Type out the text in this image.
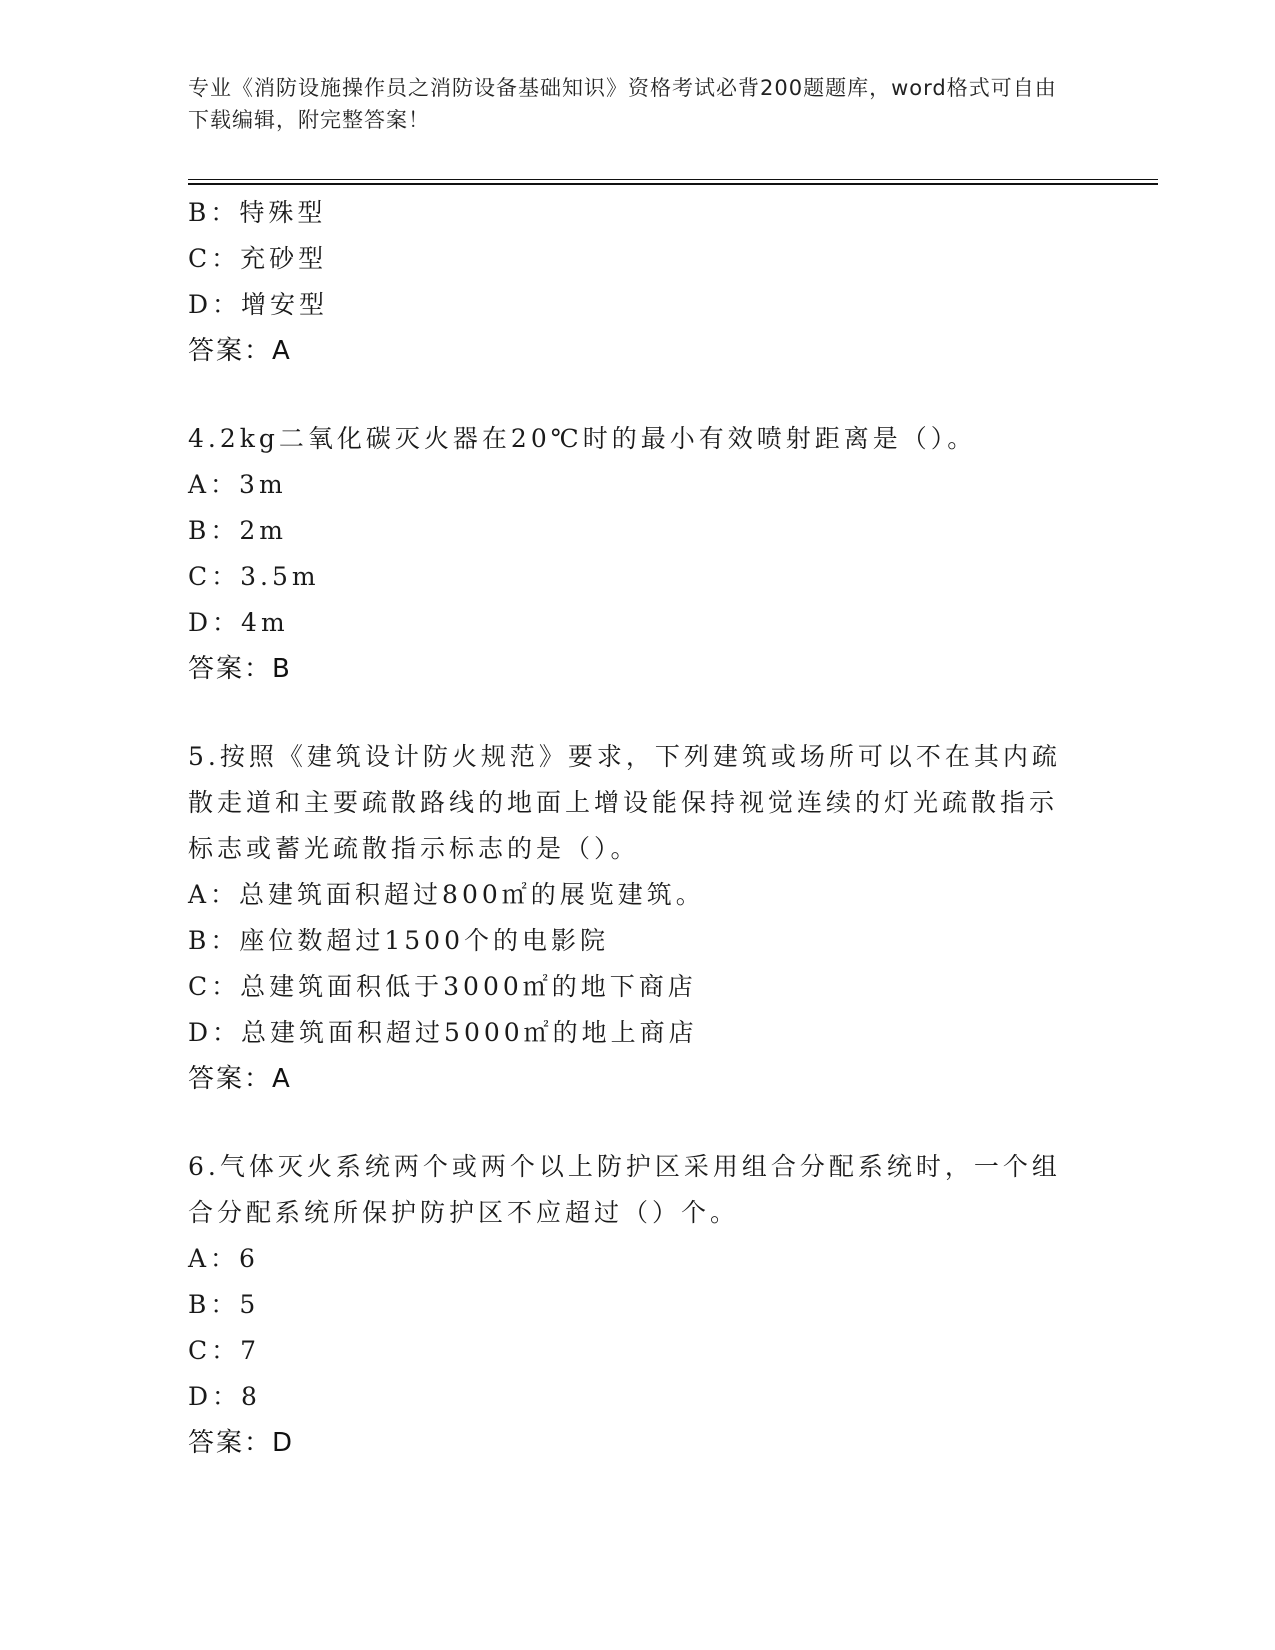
专业《消防设施操作员之消防设备基础知识》资格考试必背200题题库，word格式可自由下载编辑，附完整答案！
B：特殊型
C：充砂型
D：增安型
答案：A
4.2kg二氧化碳灭火器在20℃时的最小有效喷射距离是（）。
A：3m
B：2m
C：3.5m
D：4m
答案：B
5.按照《建筑设计防火规范》要求，下列建筑或场所可以不在其内疏
散走道和主要疏散路线的地面上增设能保持视觉连续的灯光疏散指示
标志或蓄光疏散指示标志的是（）。
A：总建筑面积超过800㎡的展览建筑。
B：座位数超过1500个的电影院
C：总建筑面积低于3000㎡的地下商店
D：总建筑面积超过5000㎡的地上商店
答案：A
6.气体灭火系统两个或两个以上防护区采用组合分配系统时，一个组
合分配系统所保护防护区不应超过（）个。
A：6
B：5
C：7
D：8
答案：D
